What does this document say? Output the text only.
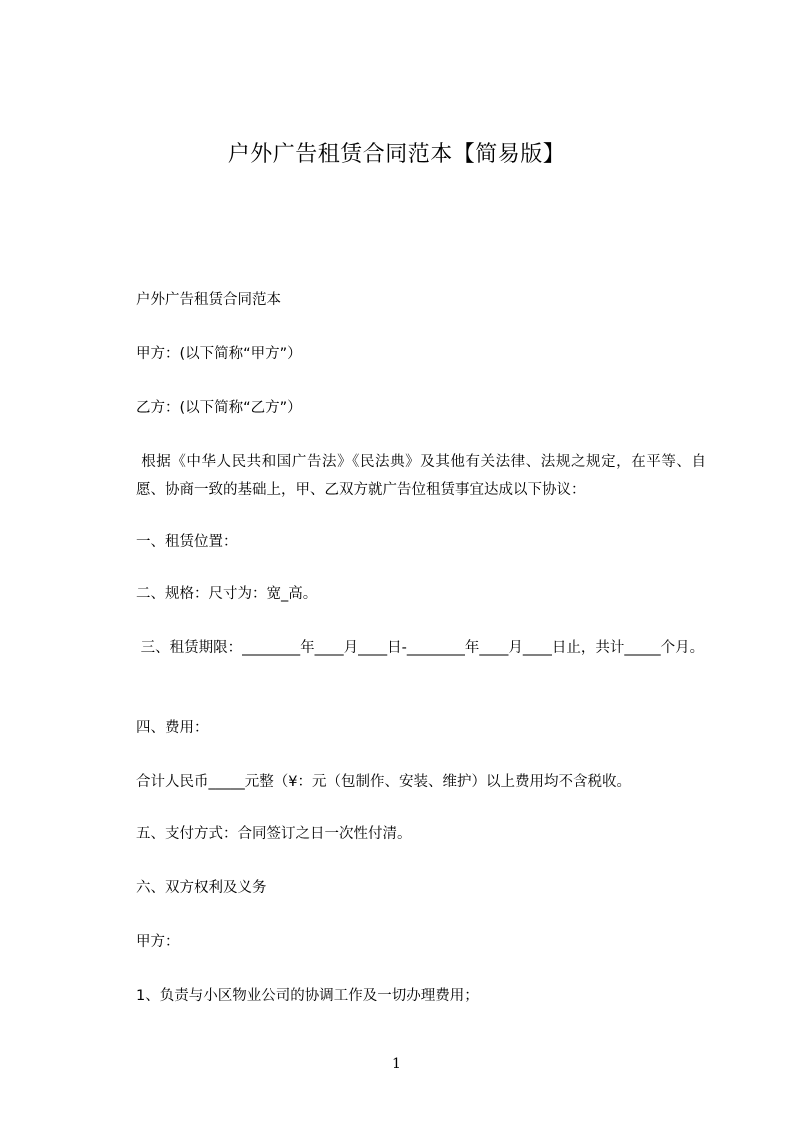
户外广告租赁合同范本【简易版】
户外广告租赁合同范本
甲方：(以下简称“甲方”）
乙方：(以下简称“乙方”）
根据《中华人民共和国广告法》《民法典》及其他有关法律、法规之规定，在平等、自愿、协商一致的基础上，甲、乙双方就广告位租赁事宜达成以下协议：
一、租赁位置：
二、规格：尺寸为：宽_高。
三、租赁期限：________年____月____日-________年____月____日止，共计_____个月。
四、费用：
合计人民币_____元整（¥：元（包制作、安装、维护）以上费用均不含税收。
五、支付方式：合同签订之日一次性付清。
六、双方权利及义务
甲方：
1、负责与小区物业公司的协调工作及一切办理费用；
1
